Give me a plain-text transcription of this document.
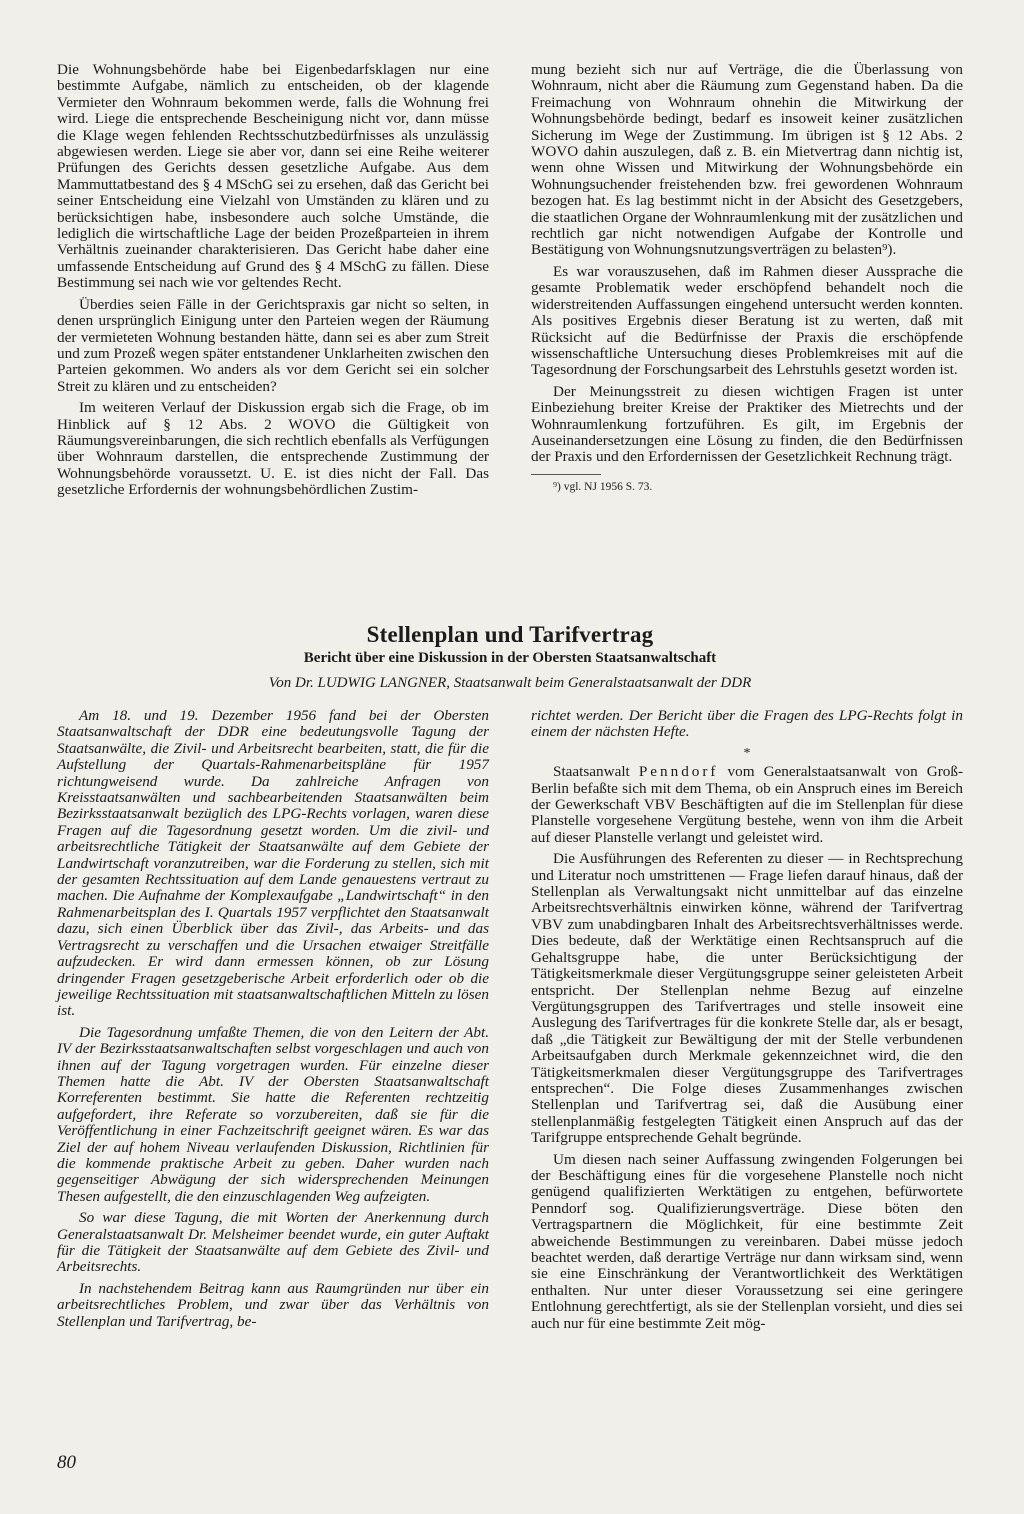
Die Wohnungsbehörde habe bei Eigenbedarfsklagen nur eine bestimmte Aufgabe, nämlich zu entscheiden, ob der klagende Vermieter den Wohnraum bekommen werde, falls die Wohnung frei wird. Liege die entsprechende Bescheinigung nicht vor, dann müsse die Klage wegen fehlenden Rechtsschutzbedürfnisses als unzulässig abgewiesen werden. Liege sie aber vor, dann sei eine Reihe weiterer Prüfungen des Gerichts dessen gesetzliche Aufgabe. Aus dem Mammuttatbestand des § 4 MSchG sei zu ersehen, daß das Gericht bei seiner Entscheidung eine Vielzahl von Umständen zu klären und zu berücksichtigen habe, insbesondere auch solche Umstände, die lediglich die wirtschaftliche Lage der beiden Prozeßparteien in ihrem Verhältnis zueinander charakterisieren. Das Gericht habe daher eine umfassende Entscheidung auf Grund des § 4 MSchG zu fällen. Diese Bestimmung sei nach wie vor geltendes Recht.

Überdies seien Fälle in der Gerichtspraxis gar nicht so selten, in denen ursprünglich Einigung unter den Parteien wegen der Räumung der vermieteten Wohnung bestanden hätte, dann sei es aber zum Streit und zum Prozeß wegen später entstandener Unklarheiten zwischen den Parteien gekommen. Wo anders als vor dem Gericht sei ein solcher Streit zu klären und zu entscheiden?

Im weiteren Verlauf der Diskussion ergab sich die Frage, ob im Hinblick auf § 12 Abs. 2 WOVO die Gültigkeit von Räumungsvereinbarungen, die sich rechtlich ebenfalls als Verfügungen über Wohnraum darstellen, die entsprechende Zustimmung der Wohnungsbehörde voraussetzt. U. E. ist dies nicht der Fall. Das gesetzliche Erfordernis der wohnungsbehördlichen Zustim-

mung bezieht sich nur auf Verträge, die die Überlassung von Wohnraum, nicht aber die Räumung zum Gegenstand haben. Da die Freimachung von Wohnraum ohnehin die Mitwirkung der Wohnungsbehörde bedingt, bedarf es insoweit keiner zusätzlichen Sicherung im Wege der Zustimmung. Im übrigen ist § 12 Abs. 2 WOVO dahin auszulegen, daß z. B. ein Mietvertrag dann nichtig ist, wenn ohne Wissen und Mitwirkung der Wohnungsbehörde ein Wohnungsuchender freistehenden bzw. frei gewordenen Wohnraum bezogen hat. Es lag bestimmt nicht in der Absicht des Gesetzgebers, die staatlichen Organe der Wohnraumlenkung mit der zusätzlichen und rechtlich gar nicht notwendigen Aufgabe der Kontrolle und Bestätigung von Wohnungsnutzungsverträgen zu belasten⁹).

Es war vorauszusehen, daß im Rahmen dieser Aussprache die gesamte Problematik weder erschöpfend behandelt noch die widerstreitenden Auffassungen eingehend untersucht werden konnten. Als positives Ergebnis dieser Beratung ist zu werten, daß mit Rücksicht auf die Bedürfnisse der Praxis die erschöpfende wissenschaftliche Untersuchung dieses Problemkreises mit auf die Tagesordnung der Forschungsarbeit des Lehrstuhls gesetzt worden ist.

Der Meinungsstreit zu diesen wichtigen Fragen ist unter Einbeziehung breiter Kreise der Praktiker des Mietrechts und der Wohnraumlenkung fortzuführen. Es gilt, im Ergebnis der Auseinandersetzungen eine Lösung zu finden, die den Bedürfnissen der Praxis und den Erfordernissen der Gesetzlichkeit Rechnung trägt.

⁹) vgl. NJ 1956 S. 73.

Stellenplan und Tarifvertrag
Bericht über eine Diskussion in der Obersten Staatsanwaltschaft
Von Dr. LUDWIG LANGNER, Staatsanwalt beim Generalstaatsanwalt der DDR

Am 18. und 19. Dezember 1956 fand bei der Obersten Staatsanwaltschaft der DDR eine bedeutungsvolle Tagung der Staatsanwälte, die Zivil- und Arbeitsrecht bearbeiten, statt, die für die Aufstellung der Quartals-Rahmenarbeitspläne für 1957 richtungweisend wurde. Da zahlreiche Anfragen von Kreisstaatsanwälten und sachbearbeitenden Staatsanwälten beim Bezirksstaatsanwalt bezüglich des LPG-Rechts vorlagen, waren diese Fragen auf die Tagesordnung gesetzt worden. Um die zivil- und arbeitsrechtliche Tätigkeit der Staatsanwälte auf dem Gebiete der Landwirtschaft voranzutreiben, war die Forderung zu stellen, sich mit der gesamten Rechtssituation auf dem Lande genauestens vertraut zu machen. Die Aufnahme der Komplexaufgabe „Landwirtschaft“ in den Rahmenarbeitsplan des I. Quartals 1957 verpflichtet den Staatsanwalt dazu, sich einen Überblick über das Zivil-, das Arbeits- und das Vertragsrecht zu verschaffen und die Ursachen etwaiger Streitfälle aufzudecken. Er wird dann ermessen können, ob zur Lösung dringender Fragen gesetzgeberische Arbeit erforderlich oder ob die jeweilige Rechtssituation mit staatsanwaltschaftlichen Mitteln zu lösen ist.

Die Tagesordnung umfaßte Themen, die von den Leitern der Abt. IV der Bezirksstaatsanwaltschaften selbst vorgeschlagen und auch von ihnen auf der Tagung vorgetragen wurden. Für einzelne dieser Themen hatte die Abt. IV der Obersten Staatsanwaltschaft Korreferenten bestimmt. Sie hatte die Referenten rechtzeitig aufgefordert, ihre Referate so vorzubereiten, daß sie für die Veröffentlichung in einer Fachzeitschrift geeignet wären. Es war das Ziel der auf hohem Niveau verlaufenden Diskussion, Richtlinien für die kommende praktische Arbeit zu geben. Daher wurden nach gegenseitiger Abwägung der sich widersprechenden Meinungen Thesen aufgestellt, die den einzuschlagenden Weg aufzeigten.

So war diese Tagung, die mit Worten der Anerkennung durch Generalstaatsanwalt Dr. Melsheimer beendet wurde, ein guter Auftakt für die Tätigkeit der Staatsanwälte auf dem Gebiete des Zivil- und Arbeitsrechts.

In nachstehendem Beitrag kann aus Raumgründen nur über ein arbeitsrechtliches Problem, und zwar über das Verhältnis von Stellenplan und Tarifvertrag, be-

richtet werden. Der Bericht über die Fragen des LPG-Rechts folgt in einem der nächsten Hefte.

*

Staatsanwalt Penndorf vom Generalstaatsanwalt von Groß-Berlin befaßte sich mit dem Thema, ob ein Anspruch eines im Bereich der Gewerkschaft VBV Beschäftigten auf die im Stellenplan für diese Planstelle vorgesehene Vergütung bestehe, wenn von ihm die Arbeit auf dieser Planstelle verlangt und geleistet wird.

Die Ausführungen des Referenten zu dieser — in Rechtsprechung und Literatur noch umstrittenen — Frage liefen darauf hinaus, daß der Stellenplan als Verwaltungsakt nicht unmittelbar auf das einzelne Arbeitsrechtsverhältnis einwirken könne, während der Tarifvertrag VBV zum unabdingbaren Inhalt des Arbeitsrechtsverhältnisses werde. Dies bedeute, daß der Werktätige einen Rechtsanspruch auf die Gehaltsgruppe habe, die unter Berücksichtigung der Tätigkeitsmerkmale dieser Vergütungsgruppe seiner geleisteten Arbeit entspricht. Der Stellenplan nehme Bezug auf einzelne Vergütungsgruppen des Tarifvertrages und stelle insoweit eine Auslegung des Tarifvertrages für die konkrete Stelle dar, als er besagt, daß „die Tätigkeit zur Bewältigung der mit der Stelle verbundenen Arbeitsaufgaben durch Merkmale gekennzeichnet wird, die den Tätigkeitsmerkmalen dieser Vergütungsgruppe des Tarifvertrages entsprechen“. Die Folge dieses Zusammenhanges zwischen Stellenplan und Tarifvertrag sei, daß die Ausübung einer stellenplanmäßig festgelegten Tätigkeit einen Anspruch auf das der Tarifgruppe entsprechende Gehalt begründe.

Um diesen nach seiner Auffassung zwingenden Folgerungen bei der Beschäftigung eines für die vorgesehene Planstelle noch nicht genügend qualifizierten Werktätigen zu entgehen, befürwortete Penndorf sog. Qualifizierungsverträge. Diese böten den Vertragspartnern die Möglichkeit, für eine bestimmte Zeit abweichende Bestimmungen zu vereinbaren. Dabei müsse jedoch beachtet werden, daß derartige Verträge nur dann wirksam sind, wenn sie eine Einschränkung der Verantwortlichkeit des Werktätigen enthalten. Nur unter dieser Voraussetzung sei eine geringere Entlohnung gerechtfertigt, als sie der Stellenplan vorsieht, und dies sei auch nur für eine bestimmte Zeit mög-

80
